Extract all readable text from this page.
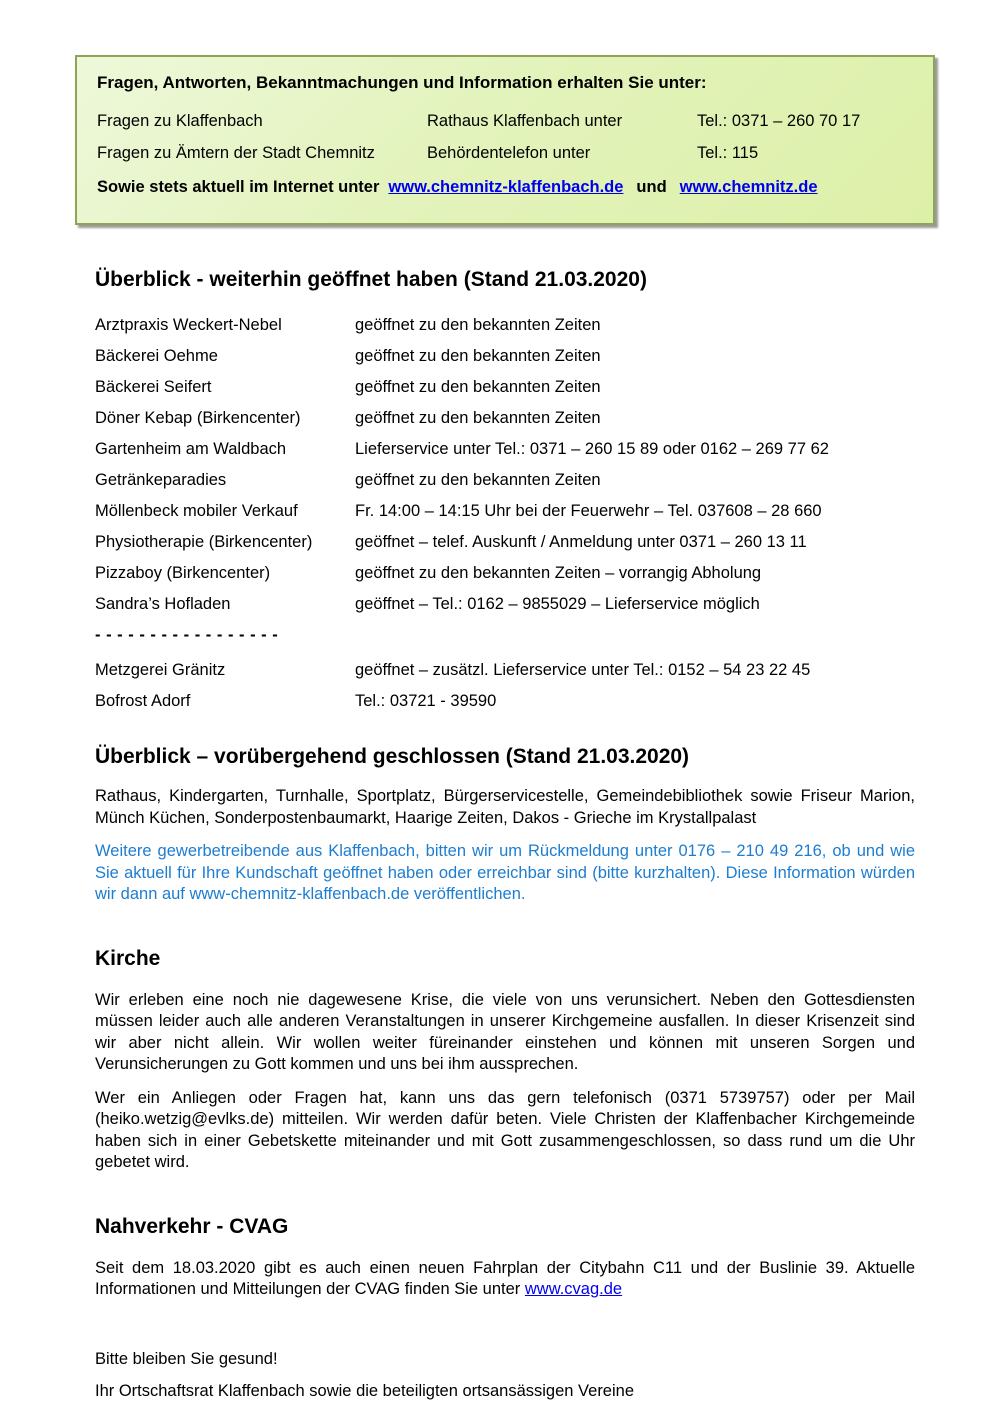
Fragen, Antworten, Bekanntmachungen und Information erhalten Sie unter:
Fragen zu Klaffenbach	Rathaus Klaffenbach unter	Tel.: 0371 – 260 70 17
Fragen zu Ämtern der Stadt Chemnitz	Behördentelefon unter	Tel.: 115
Sowie stets aktuell im Internet unter www.chemnitz-klaffenbach.de und www.chemnitz.de
Überblick - weiterhin geöffnet haben (Stand 21.03.2020)
Arztpraxis Weckert-Nebel	geöffnet zu den bekannten Zeiten
Bäckerei Oehme	geöffnet zu den bekannten Zeiten
Bäckerei Seifert	geöffnet zu den bekannten Zeiten
Döner Kebap (Birkencenter)	geöffnet zu den bekannten Zeiten
Gartenheim am Waldbach	Lieferservice unter Tel.: 0371 – 260 15 89 oder 0162 – 269 77 62
Getränkeparadies	geöffnet zu den bekannten Zeiten
Möllenbeck mobiler Verkauf	Fr. 14:00 – 14:15 Uhr bei der Feuerwehr – Tel. 037608 – 28 660
Physiotherapie (Birkencenter)	geöffnet – telef. Auskunft / Anmeldung unter 0371 – 260 13 11
Pizzaboy (Birkencenter)	geöffnet zu den bekannten Zeiten – vorrangig Abholung
Sandra’s Hofladen	geöffnet – Tel.: 0162 – 9855029 – Lieferservice möglich
- - - - - - - - - - - - - - - - -
Metzgerei Gränitz	geöffnet – zusätzl. Lieferservice unter Tel.: 0152 – 54 23 22 45
Bofrost Adorf	Tel.: 03721 - 39590
Überblick – vorübergehend geschlossen (Stand 21.03.2020)

Rathaus, Kindergarten, Turnhalle, Sportplatz, Bürgerservicestelle, Gemeindebibliothek sowie Friseur Marion, Münch Küchen, Sonderpostenbaumarkt, Haarige Zeiten, Dakos - Grieche im Krystallpalast

Weitere gewerbetreibende aus Klaffenbach, bitten wir um Rückmeldung unter 0176 – 210 49 216, ob und wie Sie aktuell für Ihre Kundschaft geöffnet haben oder erreichbar sind (bitte kurzhalten). Diese Information würden wir dann auf www-chemnitz-klaffenbach.de veröffentlichen.

Kirche

Wir erleben eine noch nie dagewesene Krise, die viele von uns verunsichert. Neben den Gottesdiensten müssen leider auch alle anderen Veranstaltungen in unserer Kirchgemeine ausfallen. In dieser Krisenzeit sind wir aber nicht allein. Wir wollen weiter füreinander einstehen und können mit unseren Sorgen und Verunsicherungen zu Gott kommen und uns bei ihm aussprechen.

Wer ein Anliegen oder Fragen hat, kann uns das gern telefonisch (0371 5739757) oder per Mail (heiko.wetzig@evlks.de) mitteilen. Wir werden dafür beten. Viele Christen der Klaffenbacher Kirchgemeinde haben sich in einer Gebetskette miteinander und mit Gott zusammengeschlossen, so dass rund um die Uhr gebetet wird.

Nahverkehr - CVAG

Seit dem 18.03.2020 gibt es auch einen neuen Fahrplan der Citybahn C11 und der Buslinie 39. Aktuelle Informationen und Mitteilungen der CVAG finden Sie unter www.cvag.de

Bitte bleiben Sie gesund!
Ihr Ortschaftsrat Klaffenbach sowie die beteiligten ortsansässigen Vereine
